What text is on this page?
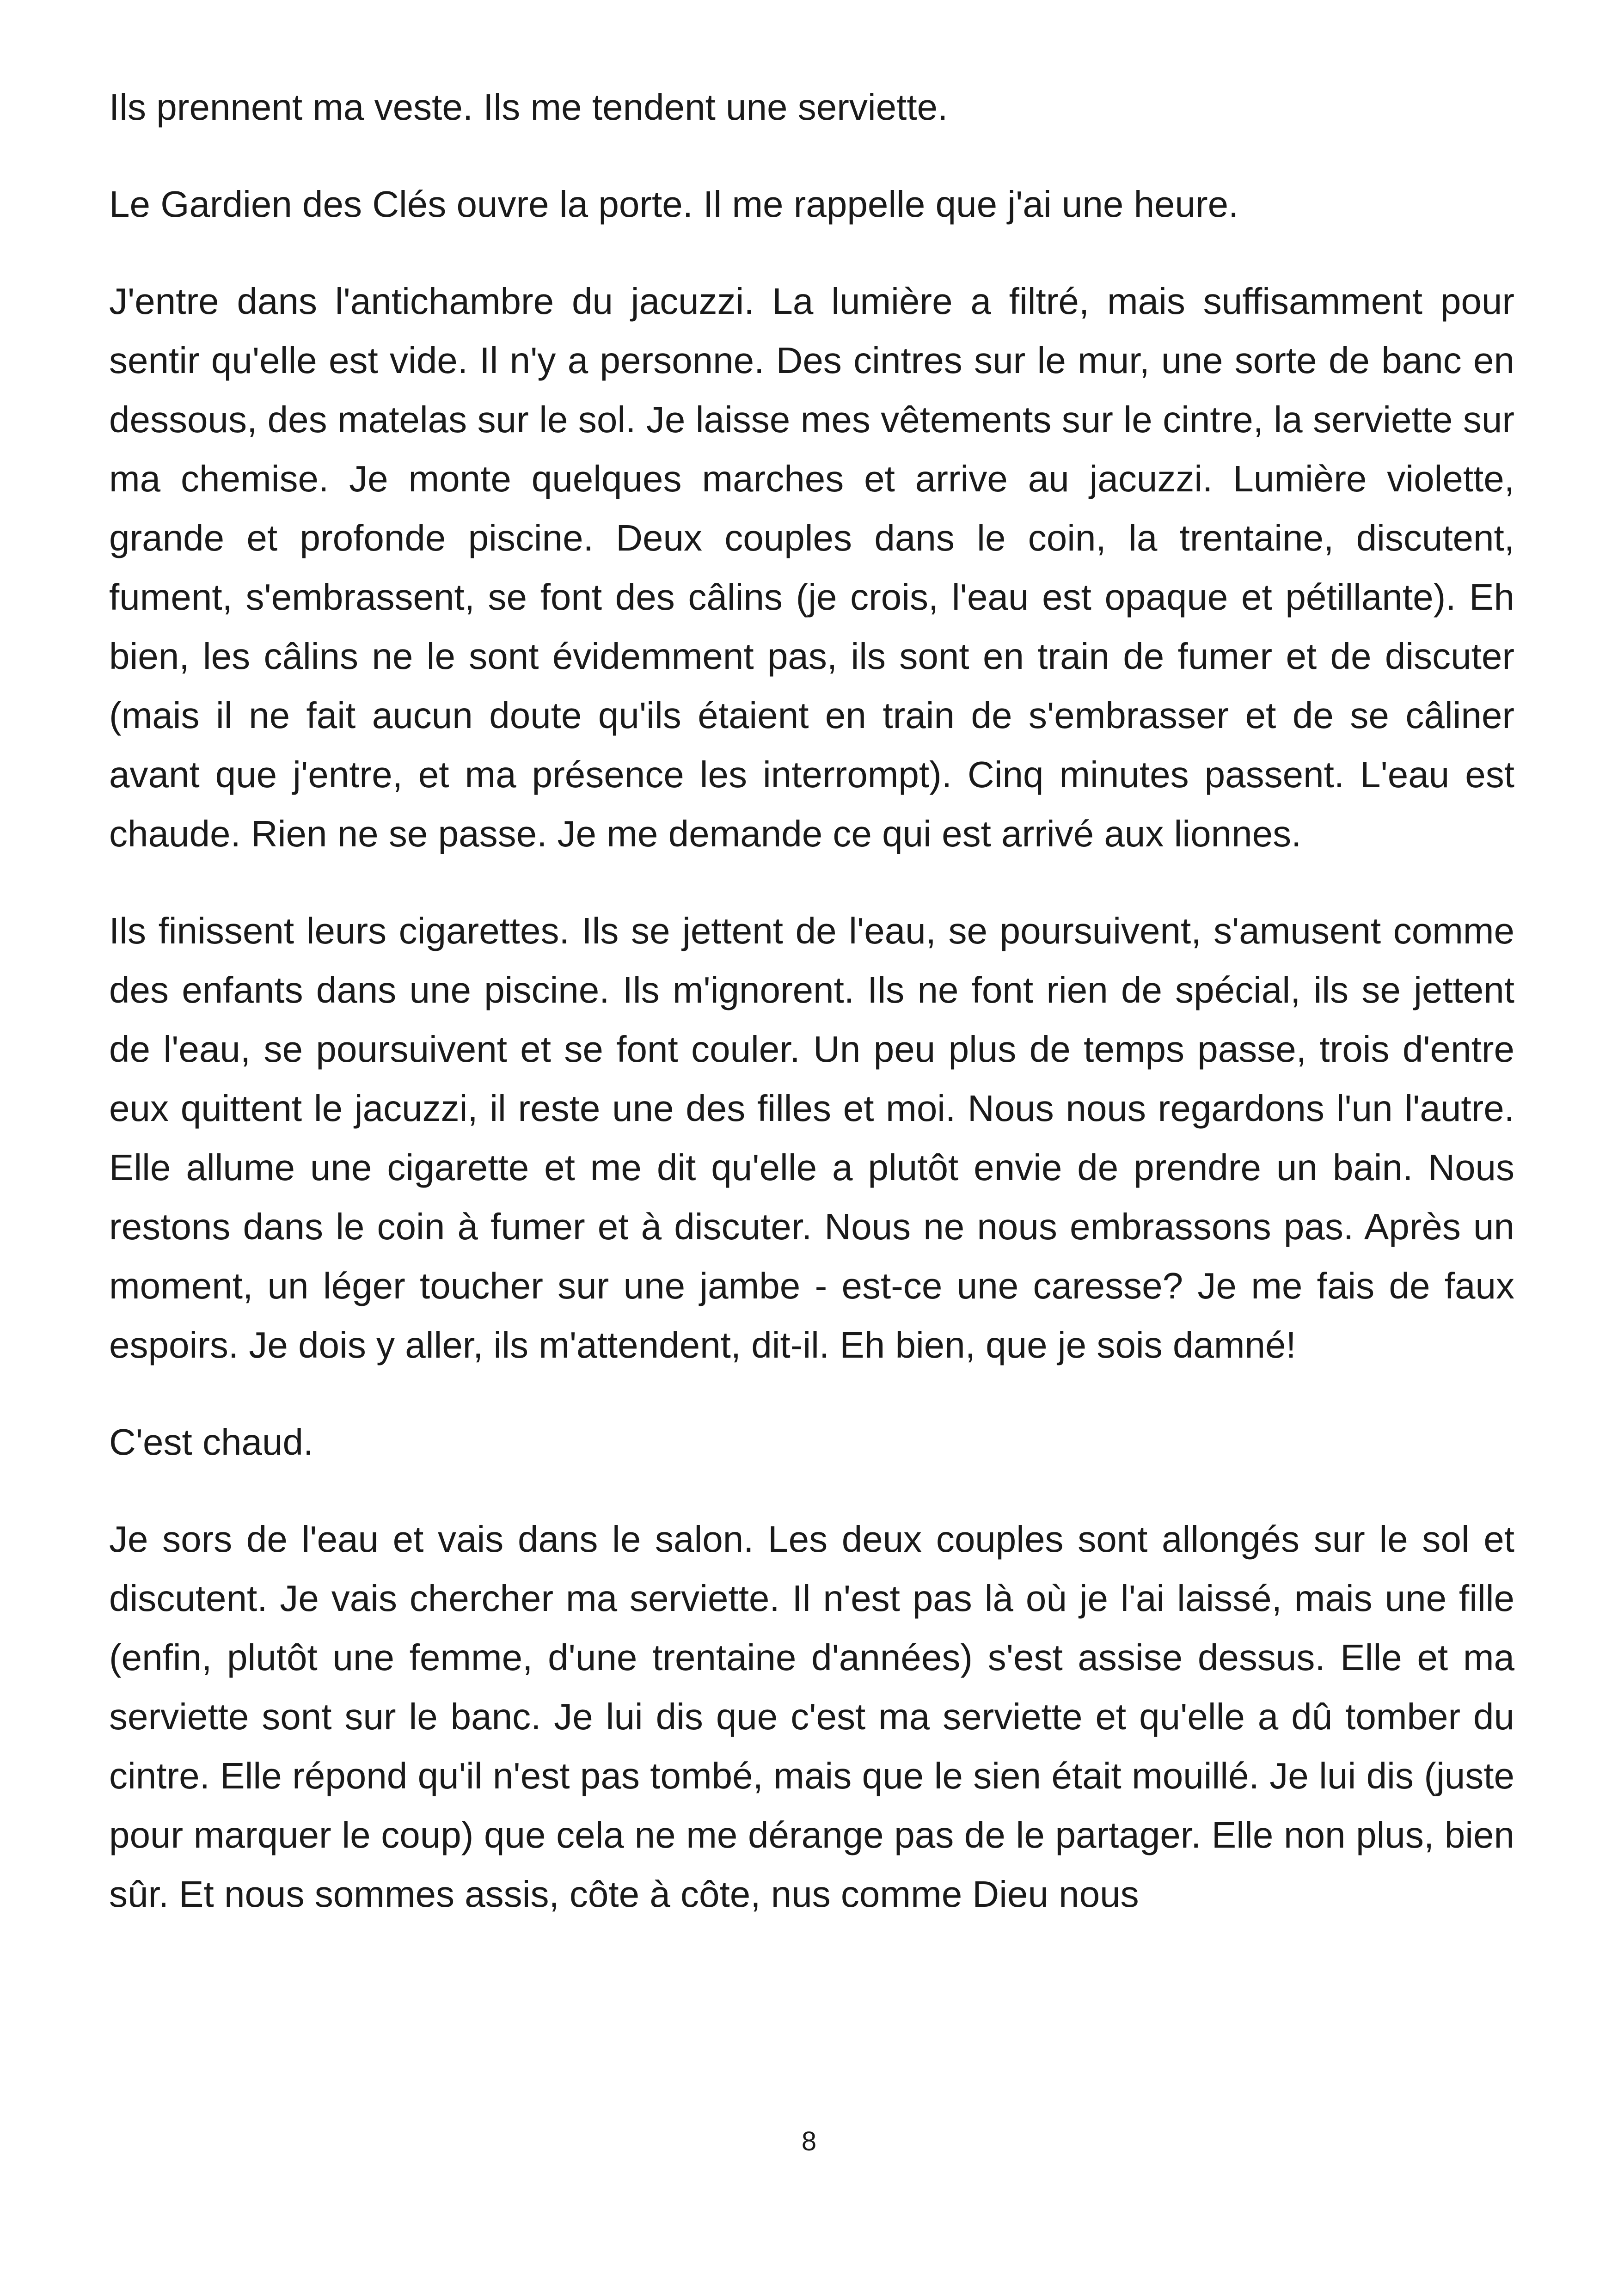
Ils prennent ma veste. Ils me tendent une serviette.

Le Gardien des Clés ouvre la porte. Il me rappelle que j'ai une heure.

J'entre dans l'antichambre du jacuzzi. La lumière a filtré, mais suffisamment pour sentir qu'elle est vide. Il n'y a personne. Des cintres sur le mur, une sorte de banc en dessous, des matelas sur le sol. Je laisse mes vêtements sur le cintre, la serviette sur ma chemise. Je monte quelques marches et arrive au jacuzzi. Lumière violette, grande et profonde piscine. Deux couples dans le coin, la trentaine, discutent, fument, s'embrassent, se font des câlins (je crois, l'eau est opaque et pétillante). Eh bien, les câlins ne le sont évidemment pas, ils sont en train de fumer et de discuter (mais il ne fait aucun doute qu'ils étaient en train de s'embrasser et de se câliner avant que j'entre, et ma présence les interrompt). Cinq minutes passent. L'eau est chaude. Rien ne se passe. Je me demande ce qui est arrivé aux lionnes.

Ils finissent leurs cigarettes. Ils se jettent de l'eau, se poursuivent, s'amusent comme des enfants dans une piscine. Ils m'ignorent. Ils ne font rien de spécial, ils se jettent de l'eau, se poursuivent et se font couler. Un peu plus de temps passe, trois d'entre eux quittent le jacuzzi, il reste une des filles et moi. Nous nous regardons l'un l'autre. Elle allume une cigarette et me dit qu'elle a plutôt envie de prendre un bain. Nous restons dans le coin à fumer et à discuter. Nous ne nous embrassons pas. Après un moment, un léger toucher sur une jambe - est-ce une caresse? Je me fais de faux espoirs. Je dois y aller, ils m'attendent, dit-il. Eh bien, que je sois damné!

C'est chaud.

Je sors de l'eau et vais dans le salon. Les deux couples sont allongés sur le sol et discutent. Je vais chercher ma serviette. Il n'est pas là où je l'ai laissé, mais une fille (enfin, plutôt une femme, d'une trentaine d'années) s'est assise dessus. Elle et ma serviette sont sur le banc. Je lui dis que c'est ma serviette et qu'elle a dû tomber du cintre. Elle répond qu'il n'est pas tombé, mais que le sien était mouillé. Je lui dis (juste pour marquer le coup) que cela ne me dérange pas de le partager. Elle non plus, bien sûr. Et nous sommes assis, côte à côte, nus comme Dieu nous

8
